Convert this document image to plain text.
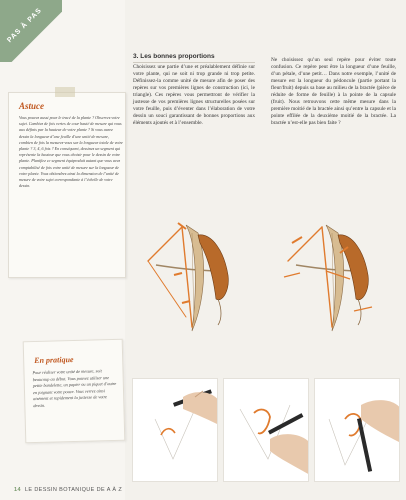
PAS À PAS
Astuce
Vous pouvez aussi pour le tracé de la plante ? Observez votre sujet. Cambiez de fois vertes de cour hauté de mesure qui vous aux définis par la hauteur de votre plante ? Si vous aurez dessin la longueur d’une feuille d’une unité de mesure, combien de fois la mesurez-vous sur la longueur totale de votre plante ? 3, 4, 6 fois ? En conséquent, dessinez un segment qui représente la hauteur que vous choisir pour le dessin de votre plante. Planifiez ce segment équiproduit autant que vous avez comptabilisé de fois votre unité de mesure sur la longueur de votre plante. Vous obtiendrez ainsi la dimension de l’unité de mesure de votre sujet correspondante à l’échelle de votre dessin.
3. Les bonnes proportions
Choisissez une partie d’une et préalablement définie sur votre plante, qui ne soit ni trop grande ni trop petite. Définissez-la comme unité de mesure afin de poser des repères sur vos premières lignes de construction (ici, le triangle). Ces repères vous permettront de vérifier la justesse de vos premières lignes structurelles posées sur votre feuille, puis d’éventer dans l’élaboration de votre dessin un souci garantissant de bonnes proportions aux éléments ajoutés et à l’ensemble.
Ne choisissez qu’un seul repère pour éviter toute confusion. Ce repère peut être la longueur d’une feuille, d’un pétale, d’une petit… Dans notre exemple, l’unité de mesure est la longueur du pédoncule (partie portant la fleur/fruit) depuis sa base au milieu de la bractée (pièce de réduite de forme de feuille) à la pointe de la capsule (fruit). Nous retrouvons cette même mesure dans la première moitié de la bractée ainsi qu’entre la capsule et la pointe effilée de la deuxième moitié de la bractée. La bractée n’est-elle pas bien faite ?
En pratique
Pour réaliser votre unité de mesure, soit beaucoup au début. Vous pouvez utiliser une petite bandelette, un papier ou un piquet d’autre en joignant votre pouce. Vous verrez ainsi aisément et rapidement la justesse de votre dessin.
14 LE DESSIN BOTANIQUE DE A À Z
